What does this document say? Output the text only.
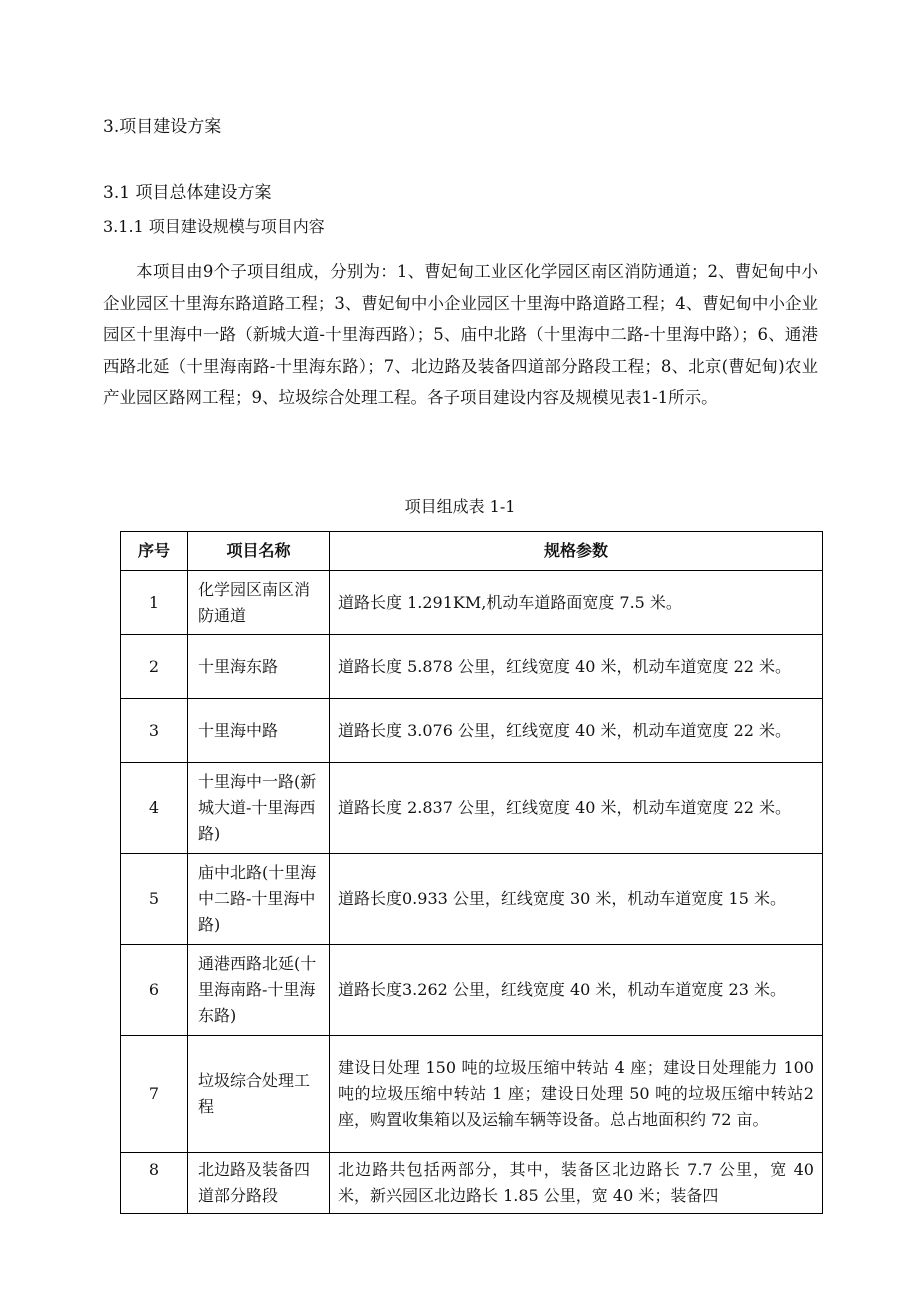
3.项目建设方案
3.1 项目总体建设方案
3.1.1 项目建设规模与项目内容
本项目由9个子项目组成，分别为：1、曹妃甸工业区化学园区南区消防通道；2、曹妃甸中小企业园区十里海东路道路工程；3、曹妃甸中小企业园区十里海中路道路工程；4、曹妃甸中小企业园区十里海中一路（新城大道-十里海西路）；5、庙中北路（十里海中二路-十里海中路）；6、通港西路北延（十里海南路-十里海东路）；7、北边路及装备四道部分路段工程；8、北京(曹妃甸)农业产业园区路网工程；9、垃圾综合处理工程。各子项目建设内容及规模见表1-1所示。
项目组成表 1-1
序号	项目名称	规格参数
1	化学园区南区消防通道	道路长度 1.291KM,机动车道路面宽度 7.5 米。
2	十里海东路	道路长度 5.878 公里，红线宽度 40 米，机动车道宽度 22 米。
3	十里海中路	道路长度 3.076 公里，红线宽度 40 米，机动车道宽度 22 米。
4	十里海中一路(新城大道-十里海西路)	道路长度 2.837 公里，红线宽度 40 米，机动车道宽度 22 米。
5	庙中北路(十里海中二路-十里海中路)	道路长度0.933 公里，红线宽度 30 米，机动车道宽度 15 米。
6	通港西路北延(十里海南路-十里海东路)	道路长度3.262 公里，红线宽度 40 米，机动车道宽度 23 米。
7	垃圾综合处理工程	建设日处理 150 吨的垃圾压缩中转站 4 座；建设日处理能力 100 吨的垃圾压缩中转站 1 座；建设日处理 50 吨的垃圾压缩中转站2座，购置收集箱以及运输车辆等设备。总占地面积约 72 亩。
8	北边路及装备四道部分路段	北边路共包括两部分，其中，装备区北边路长 7.7 公里，宽 40 米，新兴园区北边路长 1.85 公里，宽 40 米；装备四
